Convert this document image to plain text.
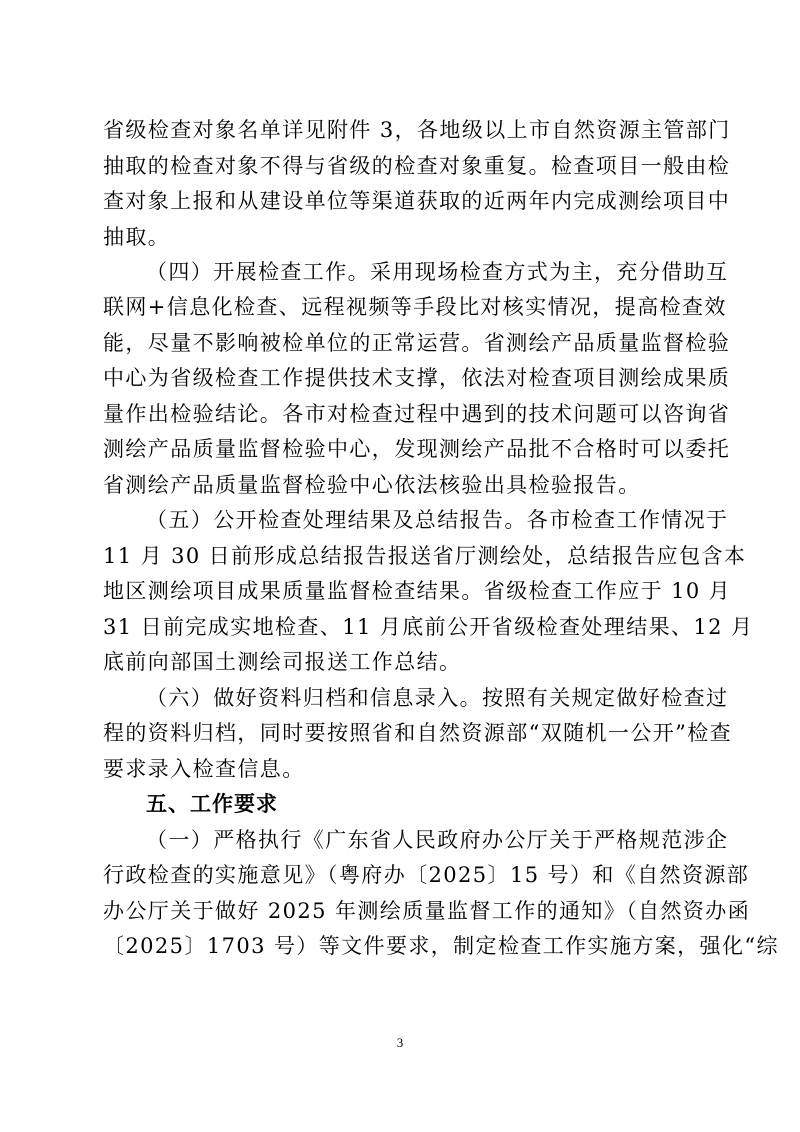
省级检查对象名单详见附件 3，各地级以上市自然资源主管部门
抽取的检查对象不得与省级的检查对象重复。检查项目一般由检
查对象上报和从建设单位等渠道获取的近两年内完成测绘项目中
抽取。
（四）开展检查工作。采用现场检查方式为主，充分借助互
联网+信息化检查、远程视频等手段比对核实情况，提高检查效
能，尽量不影响被检单位的正常运营。省测绘产品质量监督检验
中心为省级检查工作提供技术支撑，依法对检查项目测绘成果质
量作出检验结论。各市对检查过程中遇到的技术问题可以咨询省
测绘产品质量监督检验中心，发现测绘产品批不合格时可以委托
省测绘产品质量监督检验中心依法核验出具检验报告。
（五）公开检查处理结果及总结报告。各市检查工作情况于
11 月 30 日前形成总结报告报送省厅测绘处，总结报告应包含本
地区测绘项目成果质量监督检查结果。省级检查工作应于 10 月
31 日前完成实地检查、11 月底前公开省级检查处理结果、12 月
底前向部国土测绘司报送工作总结。
（六）做好资料归档和信息录入。按照有关规定做好检查过
程的资料归档，同时要按照省和自然资源部“双随机一公开”检查
要求录入检查信息。
五、工作要求
（一）严格执行《广东省人民政府办公厅关于严格规范涉企
行政检查的实施意见》（粤府办〔2025〕15 号）和《自然资源部
办公厅关于做好 2025 年测绘质量监督工作的通知》（自然资办函
〔2025〕1703 号）等文件要求，制定检查工作实施方案，强化“综
3
